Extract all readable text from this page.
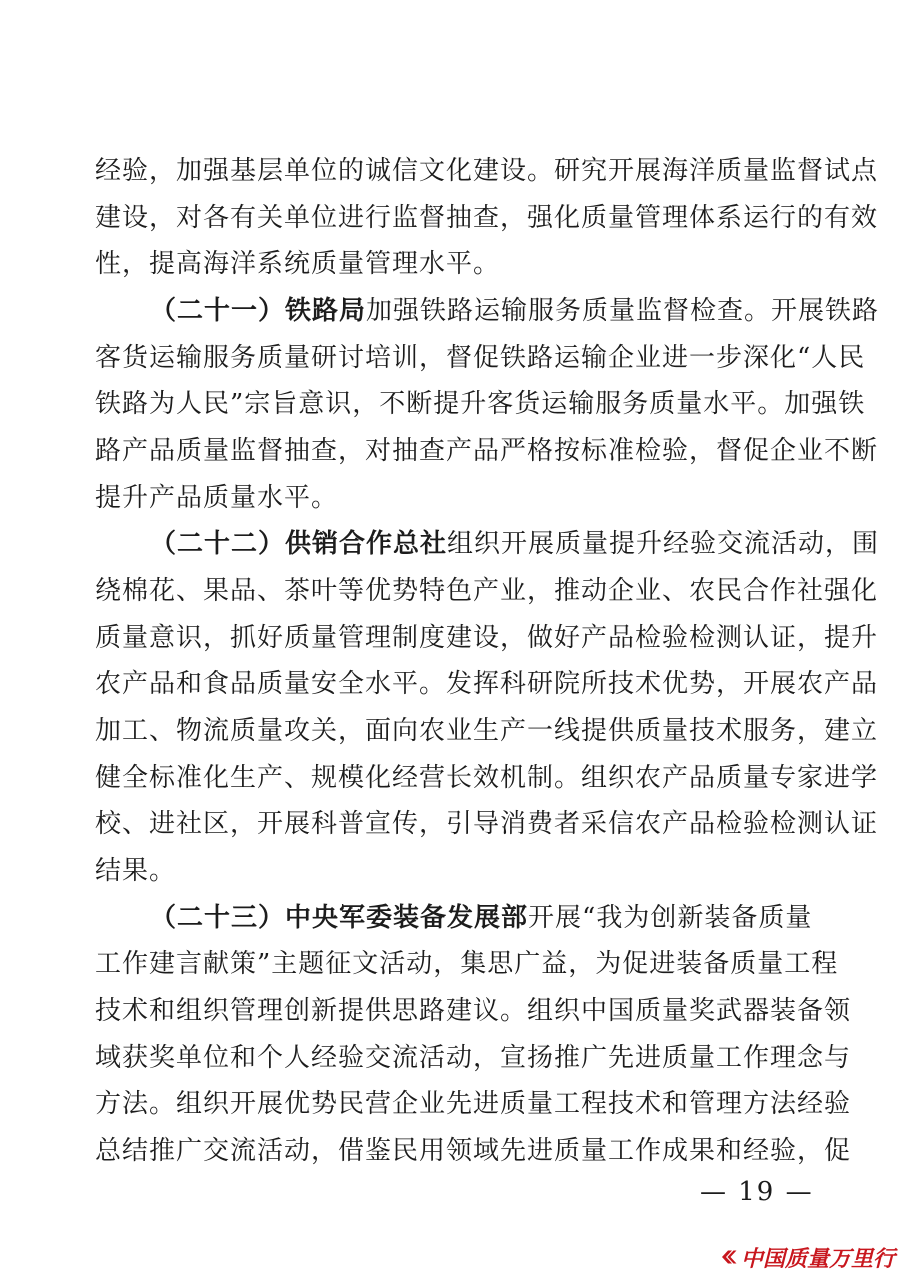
经验，加强基层单位的诚信文化建设。研究开展海洋质量监督试点
建设，对各有关单位进行监督抽查，强化质量管理体系运行的有效
性，提高海洋系统质量管理水平。
（二十一）铁路局加强铁路运输服务质量监督检查。开展铁路
客货运输服务质量研讨培训，督促铁路运输企业进一步深化“人民
铁路为人民”宗旨意识，不断提升客货运输服务质量水平。加强铁
路产品质量监督抽查，对抽查产品严格按标准检验，督促企业不断
提升产品质量水平。
（二十二）供销合作总社组织开展质量提升经验交流活动，围
绕棉花、果品、茶叶等优势特色产业，推动企业、农民合作社强化
质量意识，抓好质量管理制度建设，做好产品检验检测认证，提升
农产品和食品质量安全水平。发挥科研院所技术优势，开展农产品
加工、物流质量攻关，面向农业生产一线提供质量技术服务，建立
健全标准化生产、规模化经营长效机制。组织农产品质量专家进学
校、进社区，开展科普宣传，引导消费者采信农产品检验检测认证
结果。
（二十三）中央军委装备发展部开展“我为创新装备质量
工作建言献策”主题征文活动，集思广益，为促进装备质量工程
技术和组织管理创新提供思路建议。组织中国质量奖武器装备领
域获奖单位和个人经验交流活动，宣扬推广先进质量工作理念与
方法。组织开展优势民营企业先进质量工程技术和管理方法经验
总结推广交流活动，借鉴民用领域先进质量工作成果和经验，促
— 19 —
中国质量万里行
